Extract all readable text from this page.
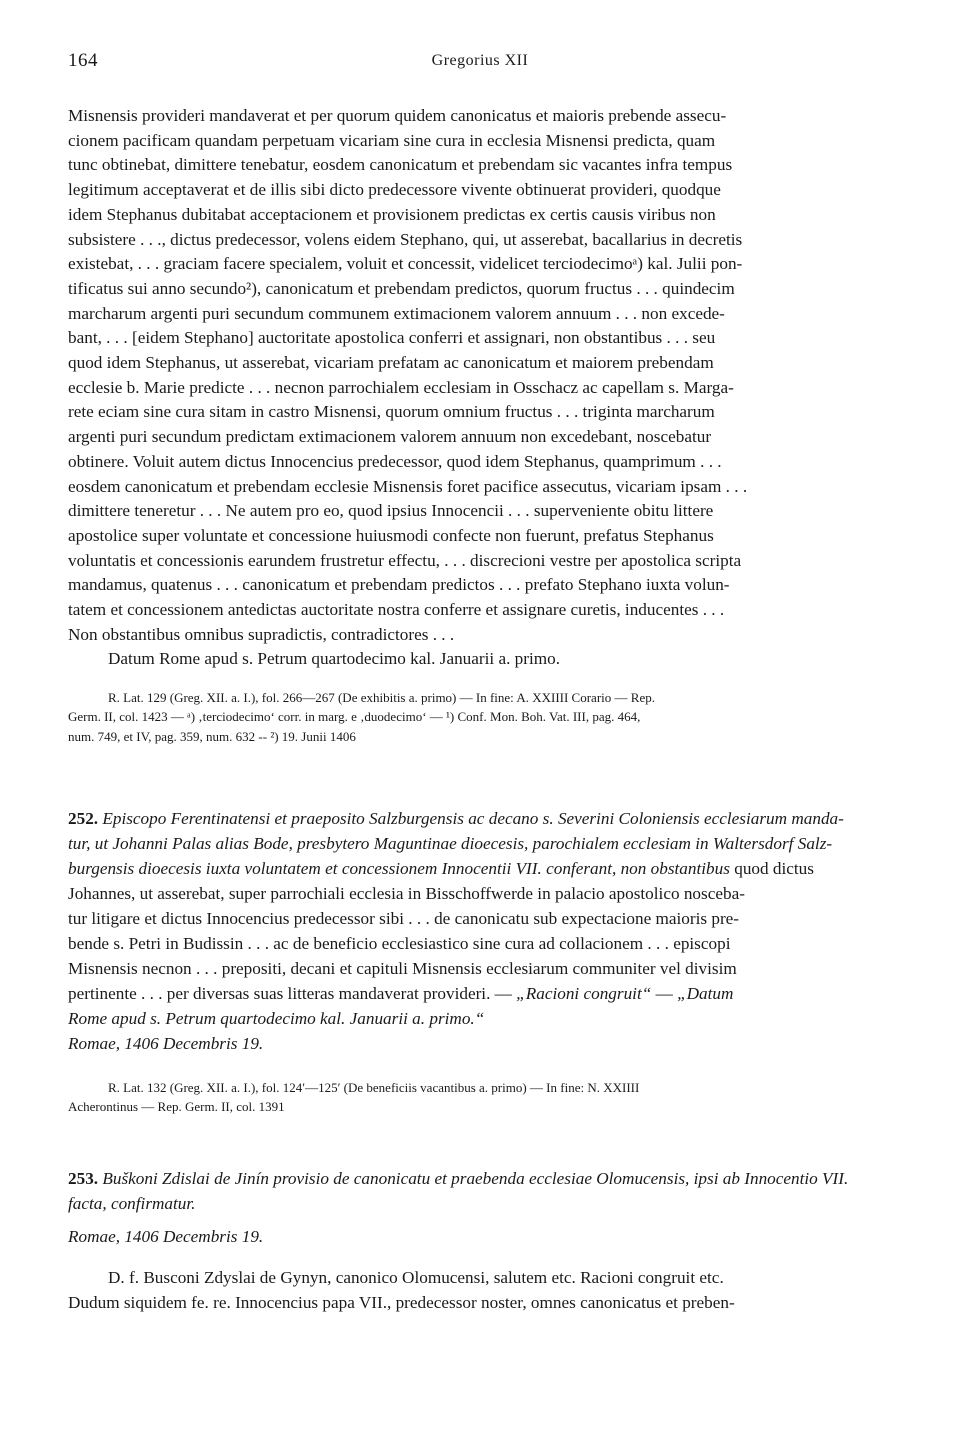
164	Gregorius XII

Misnensis provideri mandaverat et per quorum quidem canonicatus et maioris prebende assecu-
cionem pacificam quandam perpetuam vicariam sine cura in ecclesia Misnensi predicta, quam
tunc obtinebat, dimittere tenebatur, eosdem canonicatum et prebendam sic vacantes infra tempus
legitimum acceptaverat et de illis sibi dicto predecessore vivente obtinuerat provideri, quodque
idem Stephanus dubitabat acceptacionem et provisionem predictas ex certis causis viribus non
subsistere . . ., dictus predecessor, volens eidem Stephano, qui, ut asserebat, bacallarius in decretis
existebat, . . . graciam facere specialem, voluit et concessit, videlicet terciodecimoᵃ) kal. Julii pon-
tificatus sui anno secundo²), canonicatum et prebendam predictos, quorum fructus . . . quindecim
marcharum argenti puri secundum communem extimacionem valorem annuum . . . non excede-
bant, . . . [eidem Stephano] auctoritate apostolica conferri et assignari, non obstantibus . . . seu
quod idem Stephanus, ut asserebat, vicariam prefatam ac canonicatum et maiorem prebendam
ecclesie b. Marie predicte . . . necnon parrochialem ecclesiam in Osschacz ac capellam s. Marga-
rete eciam sine cura sitam in castro Misnensi, quorum omnium fructus . . . triginta marcharum
argenti puri secundum predictam extimacionem valorem annuum non excedebant, noscebatur
obtinere. Voluit autem dictus Innocencius predecessor, quod idem Stephanus, quamprimum . . .
eosdem canonicatum et prebendam ecclesie Misnensis foret pacifice assecutus, vicariam ipsam . . .
dimittere teneretur . . . Ne autem pro eo, quod ipsius Innocencii . . . superveniente obitu littere
apostolice super voluntate et concessione huiusmodi confecte non fuerunt, prefatus Stephanus
voluntatis et concessionis earundem frustretur effectu, . . . discrecioni vestre per apostolica scripta
mandamus, quatenus . . . canonicatum et prebendam predictos . . . prefato Stephano iuxta volun-
tatem et concessionem antedictas auctoritate nostra conferre et assignare curetis, inducentes . . .
Non obstantibus omnibus supradictis, contradictores . . .

Datum Rome apud s. Petrum quartodecimo kal. Januarii a. primo.

R. Lat. 129 (Greg. XII. a. I.), fol. 266—267 (De exhibitis a. primo) — In fine: A. XXIIII Corario — Rep.
Germ. II, col. 1423 — ᵃ) ‚terciodecimo‘ corr. in marg. e ‚duodecimo‘ — ¹) Conf. Mon. Boh. Vat. III, pag. 464,
num. 749, et IV, pag. 359, num. 632 -- ²) 19. Junii 1406

252. Episcopo Ferentinatensi et praeposito Salzburgensis ac decano s. Severini Coloniensis ecclesiarum manda-
tur, ut Johanni Palas alias Bode, presbytero Maguntinae dioecesis, parochialem ecclesiam in Waltersdorf Salz-
burgensis dioecesis iuxta voluntatem et concessionem Innocentii VII. conferant, non obstantibus quod dictus
Johannes, ut asserebat, super parrochiali ecclesia in Bisschoffwerde in palacio apostolico nosceba-
tur litigare et dictus Innocencius predecessor sibi . . . de canonicatu sub expectacione maioris pre-
bende s. Petri in Budissin . . . ac de beneficio ecclesiastico sine cura ad collacionem . . . episcopi
Misnensis necnon . . . prepositi, decani et capituli Misnensis ecclesiarum communiter vel divisim
pertinente . . . per diversas suas litteras mandaverat provideri. — „Racioni congruit“ — „Datum
Rome apud s. Petrum quartodecimo kal. Januarii a. primo.“
Romae, 1406 Decembris 19.

R. Lat. 132 (Greg. XII. a. I.), fol. 124′—125′ (De beneficiis vacantibus a. primo) — In fine: N. XXIIII
Acherontinus — Rep. Germ. II, col. 1391

253. Buškoni Zdislai de Jinín provisio de canonicatu et praebenda ecclesiae Olomucensis, ipsi ab Innocentio VII.
facta, confirmatur.
Romae, 1406 Decembris 19.

D. f. Busconi Zdyslai de Gynyn, canonico Olomucensi, salutem etc. Racioni congruit etc.
Dudum siquidem fe. re. Innocencius papa VII., predecessor noster, omnes canonicatus et preben-
